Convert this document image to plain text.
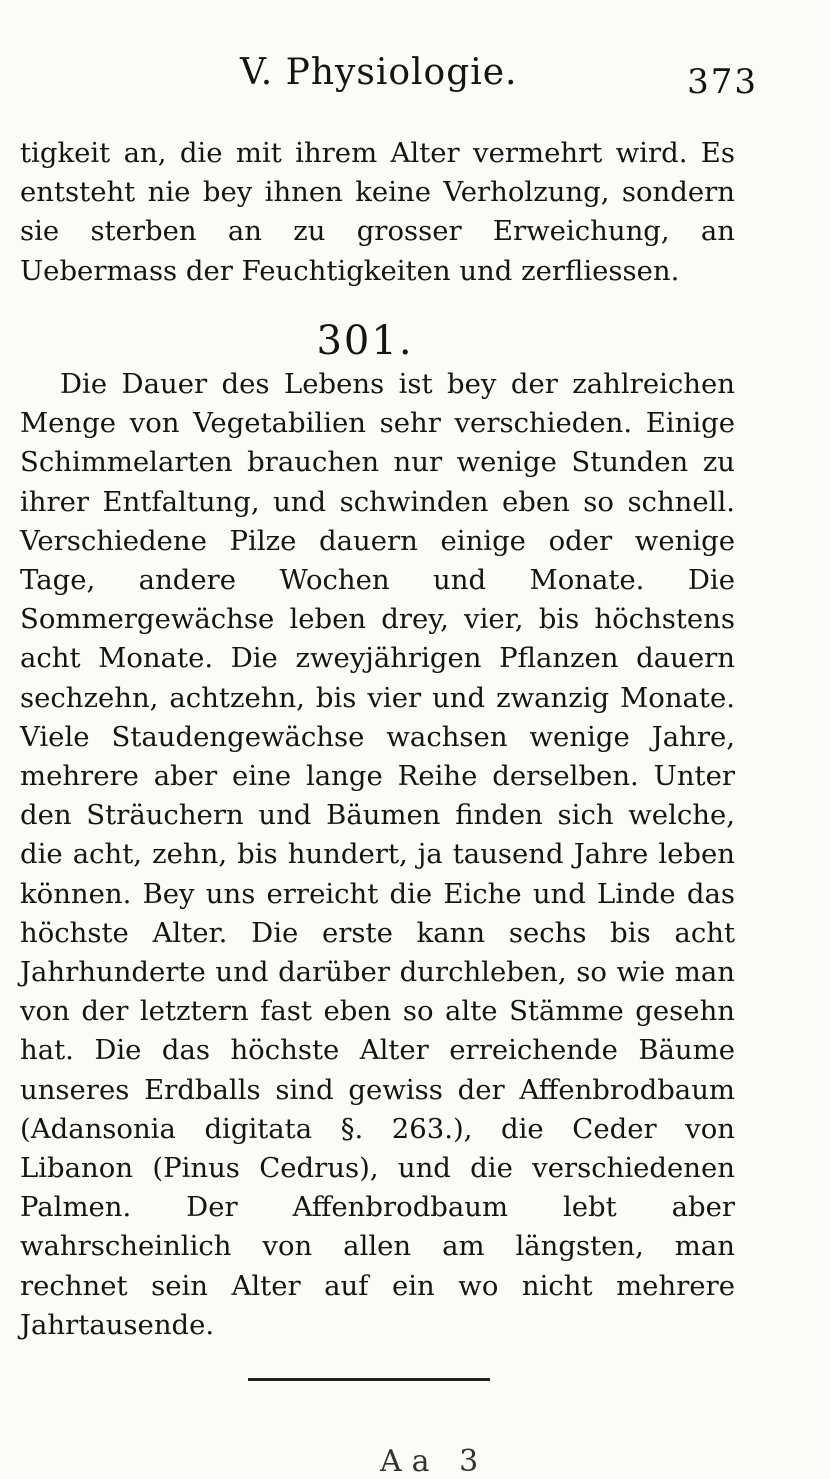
V. Physiologie.	373

tigkeit an, die mit ihrem Alter vermehrt wird. Es entsteht nie bey ihnen keine Verholzung, sondern sie sterben an zu grosser Erweichung, an Uebermass der Feuchtigkeiten und zerfliessen.

301.

Die Dauer des Lebens ist bey der zahlreichen Menge von Vegetabilien sehr verschieden. Einige Schimmelarten brauchen nur wenige Stunden zu ihrer Entfaltung, und schwinden eben so schnell. Verschiedene Pilze dauern einige oder wenige Tage, andere Wochen und Monate. Die Sommergewächse leben drey, vier, bis höchstens acht Monate. Die zweyjährigen Pflanzen dauern sechzehn, achtzehn, bis vier und zwanzig Monate. Viele Staudengewächse wachsen wenige Jahre, mehrere aber eine lange Reihe derselben. Unter den Sträuchern und Bäumen finden sich welche, die acht, zehn, bis hundert, ja tausend Jahre leben können. Bey uns erreicht die Eiche und Linde das höchste Alter. Die erste kann sechs bis acht Jahrhunderte und darüber durchleben, so wie man von der letztern fast eben so alte Stämme gesehn hat. Die das höchste Alter erreichende Bäume unseres Erdballs sind gewiss der Affenbrodbaum (Adansonia digitata §. 263.), die Ceder von Libanon (Pinus Cedrus), und die verschiedenen Palmen. Der Affenbrodbaum lebt aber wahrscheinlich von allen am längsten, man rechnet sein Alter auf ein wo nicht mehrere Jahrtausende.

Aa 3
